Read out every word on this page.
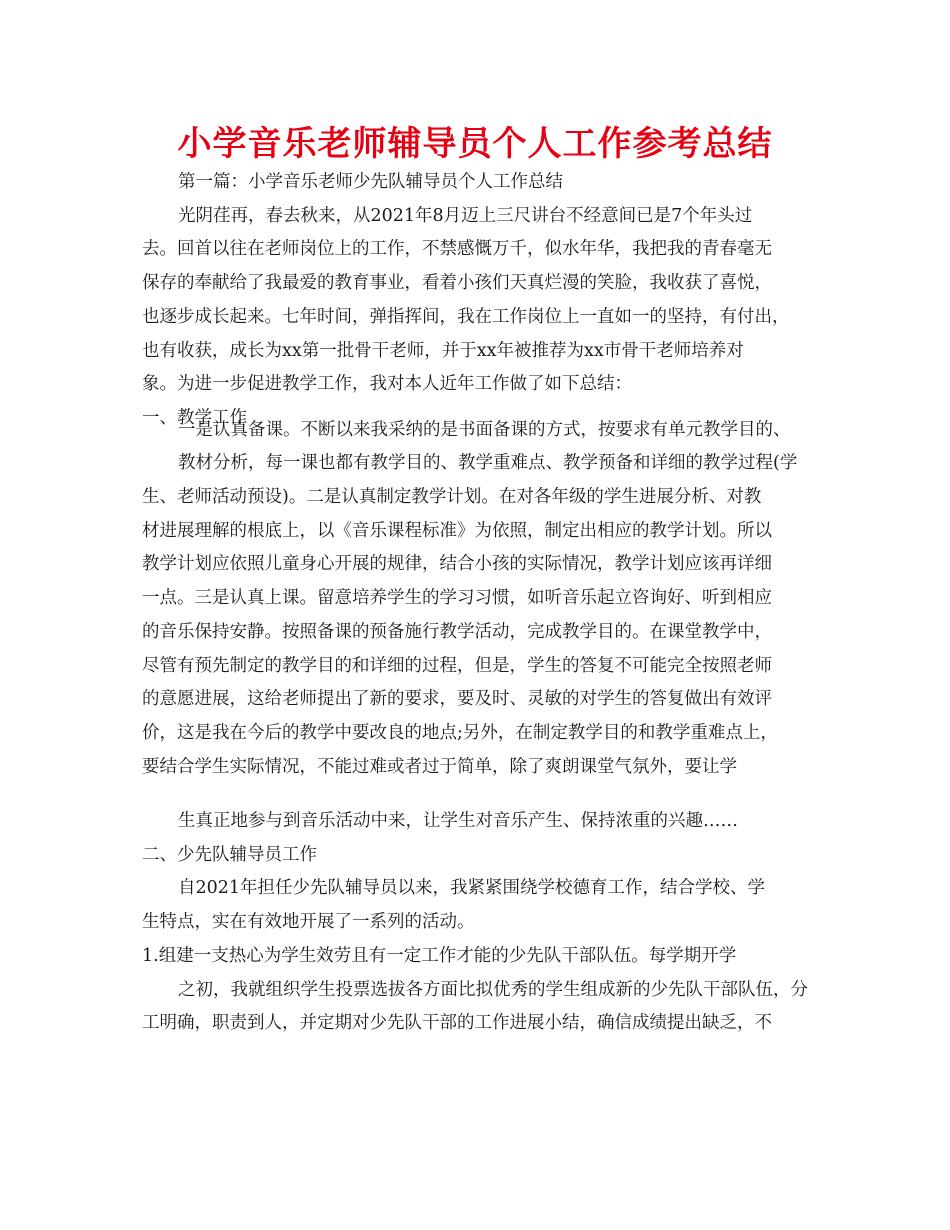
小学音乐老师辅导员个人工作参考总结
第一篇：小学音乐老师少先队辅导员个人工作总结
光阴荏再，春去秋来，从2021年8月迈上三尺讲台不经意间已是7个年头过
去。回首以往在老师岗位上的工作，不禁感慨万千，似水年华，我把我的青春毫无
保存的奉献给了我最爱的教育事业，看着小孩们天真烂漫的笑脸，我收获了喜悦，
也逐步成长起来。七年时间，弹指挥间，我在工作岗位上一直如一的坚持，有付出，
也有收获，成长为xx第一批骨干老师，并于xx年被推荐为xx市骨干老师培养对
象。为进一步促进教学工作，我对本人近年工作做了如下总结：
一、教学工作
一是认真备课。不断以来我采纳的是书面备课的方式，按要求有单元教学目的、
教材分析，每一课也都有教学目的、教学重难点、教学预备和详细的教学过程(学
生、老师活动预设)。二是认真制定教学计划。在对各年级的学生进展分析、对教
材进展理解的根底上，以《音乐课程标准》为依照，制定出相应的教学计划。所以
教学计划应依照儿童身心开展的规律，结合小孩的实际情况，教学计划应该再详细
一点。三是认真上课。留意培养学生的学习习惯，如听音乐起立咨询好、听到相应
的音乐保持安静。按照备课的预备施行教学活动，完成教学目的。在课堂教学中，
尽管有预先制定的教学目的和详细的过程，但是，学生的答复不可能完全按照老师
的意愿进展，这给老师提出了新的要求，要及时、灵敏的对学生的答复做出有效评
价，这是我在今后的教学中要改良的地点;另外，在制定教学目的和教学重难点上，
要结合学生实际情况，不能过难或者过于简单，除了爽朗课堂气氛外，要让学
生真正地参与到音乐活动中来，让学生对音乐产生、保持浓重的兴趣……
二、少先队辅导员工作
自2021年担任少先队辅导员以来，我紧紧围绕学校德育工作，结合学校、学
生特点，实在有效地开展了一系列的活动。
1.组建一支热心为学生效劳且有一定工作才能的少先队干部队伍。每学期开学
之初，我就组织学生投票选拔各方面比拟优秀的学生组成新的少先队干部队伍，分
工明确，职责到人，并定期对少先队干部的工作进展小结，确信成绩提出缺乏，不
